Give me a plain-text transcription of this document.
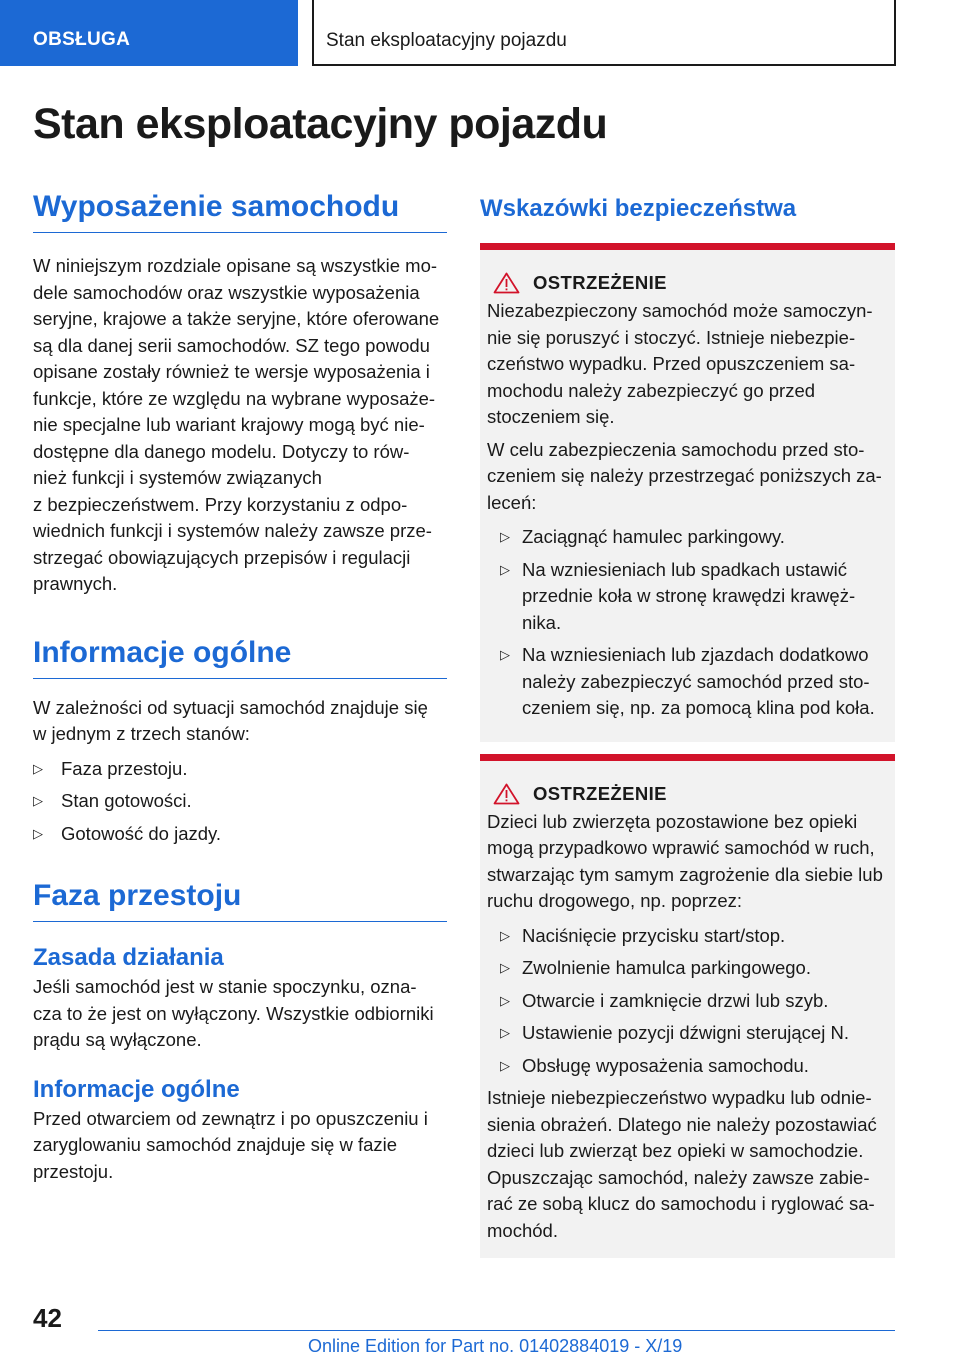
OBSŁUGA	Stan eksploatacyjny pojazdu
Stan eksploatacyjny pojazdu
Wyposażenie samochodu
W niniejszym rozdziale opisane są wszystkie mo-
dele samochodów oraz wszystkie wyposażenia
seryjne, krajowe a także seryjne, które oferowane
są dla danej serii samochodów. SZ tego powodu
opisane zostały również te wersje wyposażenia i
funkcje, które ze względu na wybrane wyposaże-
nie specjalne lub wariant krajowy mogą być nie-
dostępne dla danego modelu. Dotyczy to rów-
nież funkcji i systemów związanych
z bezpieczeństwem. Przy korzystaniu z odpo-
wiednich funkcji i systemów należy zawsze prze-
strzegać obowiązujących przepisów i regulacji
prawnych.
Informacje ogólne
W zależności od sytuacji samochód znajduje się
w jednym z trzech stanów:
▷ Faza przestoju.
▷ Stan gotowości.
▷ Gotowość do jazdy.
Faza przestoju
Zasada działania
Jeśli samochód jest w stanie spoczynku, ozna-
cza to że jest on wyłączony. Wszystkie odbiorniki
prądu są wyłączone.
Informacje ogólne
Przed otwarciem od zewnątrz i po opuszczeniu i
zaryglowaniu samochód znajduje się w fazie
przestoju.
Wskazówki bezpieczeństwa
OSTRZEŻENIE
Niezabezpieczony samochód może samoczyn-
nie się poruszyć i stoczyć. Istnieje niebezpie-
czeństwo wypadku. Przed opuszczeniem sa-
mochodu należy zabezpieczyć go przed
stoczeniem się.
W celu zabezpieczenia samochodu przed sto-
czeniem się należy przestrzegać poniższych za-
leceń:
▷ Zaciągnąć hamulec parkingowy.
▷ Na wzniesieniach lub spadkach ustawić
przednie koła w stronę krawędzi krawęż-
nika.
▷ Na wzniesieniach lub zjazdach dodatkowo
należy zabezpieczyć samochód przed sto-
czeniem się, np. za pomocą klina pod koła.
OSTRZEŻENIE
Dzieci lub zwierzęta pozostawione bez opieki
mogą przypadkowo wprawić samochód w ruch,
stwarzając tym samym zagrożenie dla siebie lub
ruchu drogowego, np. poprzez:
▷ Naciśnięcie przycisku start/stop.
▷ Zwolnienie hamulca parkingowego.
▷ Otwarcie i zamknięcie drzwi lub szyb.
▷ Ustawienie pozycji dźwigni sterującej N.
▷ Obsługę wyposażenia samochodu.
Istnieje niebezpieczeństwo wypadku lub odnie-
sienia obrażeń. Dlatego nie należy pozostawiać
dzieci lub zwierząt bez opieki w samochodzie.
Opuszczając samochód, należy zawsze zabie-
rać ze sobą klucz do samochodu i ryglować sa-
mochód.
42
Online Edition for Part no. 01402884019 - X/19
